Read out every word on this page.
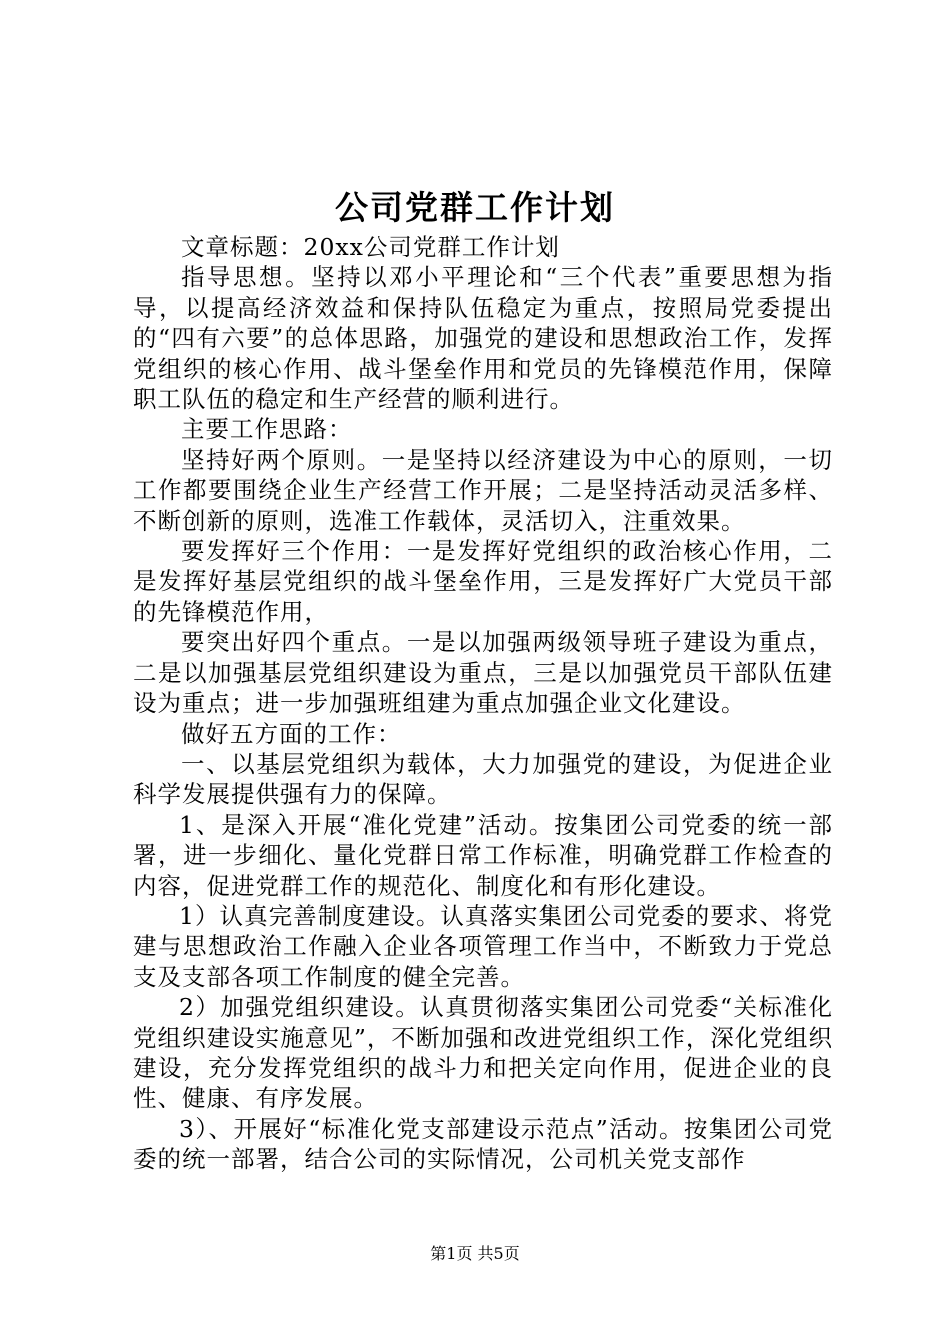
公司党群工作计划

文章标题：20xx公司党群工作计划

指导思想。坚持以邓小平理论和“三个代表”重要思想为指导，以提高经济效益和保持队伍稳定为重点，按照局党委提出的“四有六要”的总体思路，加强党的建设和思想政治工作，发挥党组织的核心作用、战斗堡垒作用和党员的先锋模范作用，保障职工队伍的稳定和生产经营的顺利进行。

主要工作思路：

坚持好两个原则。一是坚持以经济建设为中心的原则，一切工作都要围绕企业生产经营工作开展；二是坚持活动灵活多样、不断创新的原则，选准工作载体，灵活切入，注重效果。

要发挥好三个作用：一是发挥好党组织的政治核心作用，二是发挥好基层党组织的战斗堡垒作用，三是发挥好广大党员干部的先锋模范作用，

要突出好四个重点。一是以加强两级领导班子建设为重点，二是以加强基层党组织建设为重点，三是以加强党员干部队伍建设为重点；进一步加强班组建为重点加强企业文化建设。

做好五方面的工作：

一、以基层党组织为载体，大力加强党的建设，为促进企业科学发展提供强有力的保障。

1、是深入开展“准化党建”活动。按集团公司党委的统一部署，进一步细化、量化党群日常工作标准，明确党群工作检查的内容，促进党群工作的规范化、制度化和有形化建设。

1）认真完善制度建设。认真落实集团公司党委的要求、将党建与思想政治工作融入企业各项管理工作当中，不断致力于党总支及支部各项工作制度的健全完善。

2）加强党组织建设。认真贯彻落实集团公司党委“关标准化党组织建设实施意见”，不断加强和改进党组织工作，深化党组织建设，充分发挥党组织的战斗力和把关定向作用，促进企业的良性、健康、有序发展。

3）、开展好“标准化党支部建设示范点”活动。按集团公司党委的统一部署，结合公司的实际情况，公司机关党支部作

第1页 共5页
